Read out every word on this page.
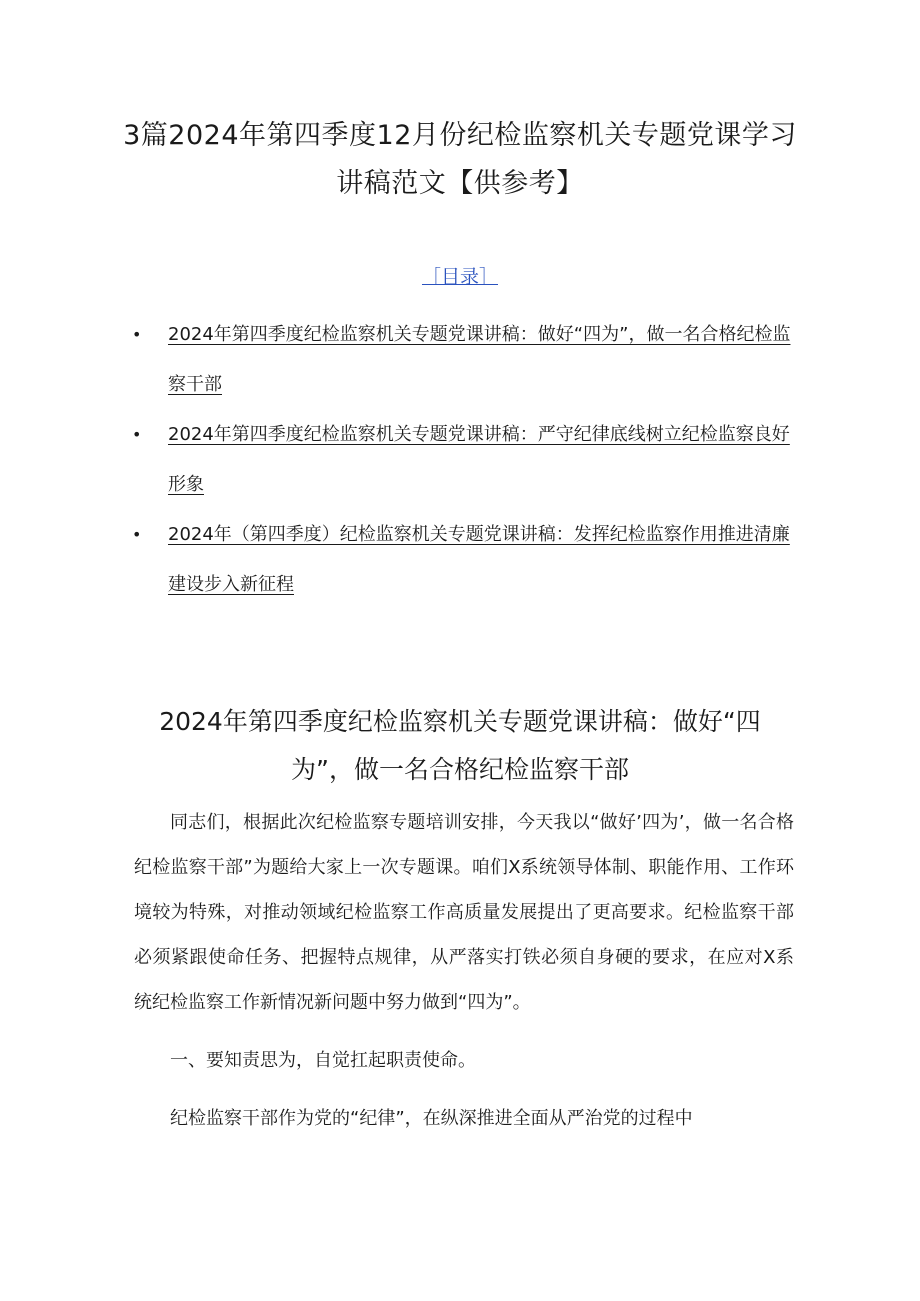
3篇2024年第四季度12月份纪检监察机关专题党课学习讲稿范文【供参考】
［目录］
• 2024年第四季度纪检监察机关专题党课讲稿：做好“四为”，做一名合格纪检监察干部
• 2024年第四季度纪检监察机关专题党课讲稿：严守纪律底线树立纪检监察良好形象
• 2024年（第四季度）纪检监察机关专题党课讲稿：发挥纪检监察作用推进清廉建设步入新征程
2024年第四季度纪检监察机关专题党课讲稿：做好“四为”，做一名合格纪检监察干部

同志们，根据此次纪检监察专题培训安排，今天我以“做好’四为’，做一名合格纪检监察干部”为题给大家上一次专题课。咱们X系统领导体制、职能作用、工作环境较为特殊，对推动领域纪检监察工作高质量发展提出了更高要求。纪检监察干部必须紧跟使命任务、把握特点规律，从严落实打铁必须自身硬的要求，在应对X系统纪检监察工作新情况新问题中努力做到“四为”。

一、要知责思为，自觉扛起职责使命。

纪检监察干部作为党的“纪律”，在纵深推进全面从严治党的过程中
